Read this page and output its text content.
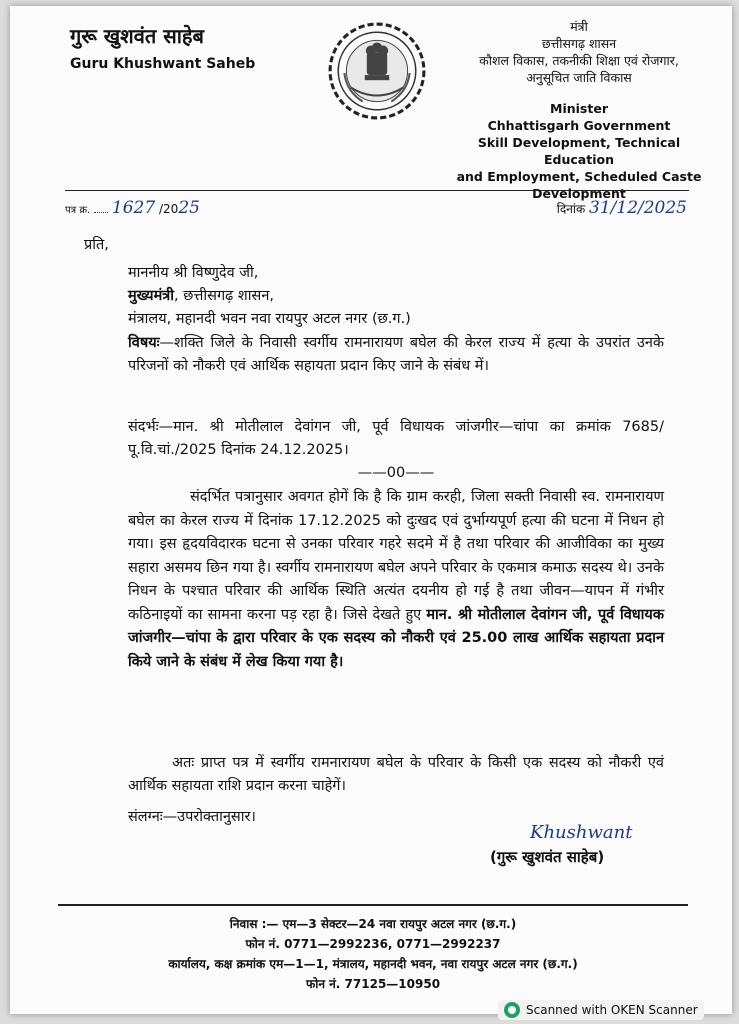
गुरू खुशवंत साहेब
Guru Khushwant Saheb
मंत्री
छत्तीसगढ़ शासन
कौशल विकास, तकनीकी शिक्षा एवं रोजगार,
अनुसूचित जाति विकास
Minister
Chhattisgarh Government
Skill Development, Technical Education
and Employment, Scheduled Caste
Development
पत्र क्र. 1627 /2025	दिनांक 31/12/2025
प्रति,

माननीय श्री विष्णुदेव जी,

मुख्यमंत्री, छत्तीसगढ़ शासन,

मंत्रालय, महानदी भवन नवा रायपुर अटल नगर (छ.ग.)

विषयः—शक्ति जिले के निवासी स्वर्गीय रामनारायण बघेल की केरल राज्य में हत्या के उपरांत उनके परिजनों को नौकरी एवं आर्थिक सहायता प्रदान किए जाने के संबंध में।

संदर्भः—मान. श्री मोतीलाल देवांगन जी, पूर्व विधायक जांजगीर—चांपा का क्रमांक 7685/पू.वि.चां./2025 दिनांक 24.12.2025।

——00——

संदर्भित पत्रानुसार अवगत होगें कि है कि ग्राम करही, जिला सक्ती निवासी स्व. रामनारायण बघेल का केरल राज्य में दिनांक 17.12.2025 को दुःखद एवं दुर्भाग्यपूर्ण हत्या की घटना में निधन हो गया। इस हृदयविदारक घटना से उनका परिवार गहरे सदमे में है तथा परिवार की आजीविका का मुख्य सहारा असमय छिन गया है। स्वर्गीय रामनारायण बघेल अपने परिवार के एकमात्र कमाऊ सदस्य थे। उनके निधन के पश्चात परिवार की आर्थिक स्थिति अत्यंत दयनीय हो गई है तथा जीवन—यापन में गंभीर कठिनाइयों का सामना करना पड़ रहा है। जिसे देखते हुए मान. श्री मोतीलाल देवांगन जी, पूर्व विधायक जांजगीर—चांपा के द्वारा परिवार के एक सदस्य को नौकरी एवं 25.00 लाख आर्थिक सहायता प्रदान किये जाने के संबंध में लेख किया गया है।

अतः प्राप्त पत्र में स्वर्गीय रामनारायण बघेल के परिवार के किसी एक सदस्य को नौकरी एवं आर्थिक सहायता राशि प्रदान करना चाहेगें।

संलग्नः—उपरोक्तानुसार।
Khushwant
(गुरू खुशवंत साहेब)
निवास :— एम—3 सेक्टर—24 नवा रायपुर अटल नगर (छ.ग.)
फोन नं. 0771—2992236, 0771—2992237
कार्यालय, कक्ष क्रमांक एम—1—1, मंत्रालय, महानदी भवन, नवा रायपुर अटल नगर (छ.ग.)
फोन नं. 77125—10950
Scanned with OKEN Scanner
